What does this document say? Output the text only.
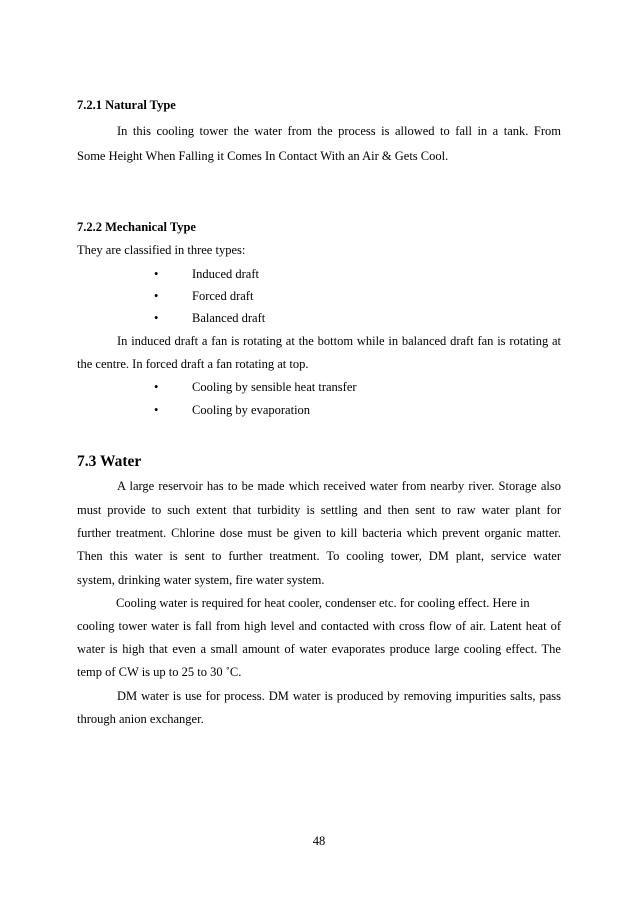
7.2.1 Natural Type
In this cooling tower the water from the process is allowed to fall in a tank. From
Some Height When Falling it Comes In Contact With an Air & Gets Cool.
7.2.2 Mechanical Type
They are classified in three types:
•	Induced draft
•	Forced draft
•	Balanced draft
In induced draft a fan is rotating at the bottom while in balanced draft fan is rotating at
the centre. In forced draft a fan rotating at top.
•	Cooling by sensible heat transfer
•	Cooling by evaporation
7.3 Water
A large reservoir has to be made which received water from nearby river. Storage also
must provide to such extent that turbidity is settling and then sent to raw water plant for
further treatment. Chlorine dose must be given to kill bacteria which prevent organic matter.
Then this water is sent to further treatment. To cooling tower, DM plant, service water
system, drinking water system, fire water system.
Cooling water is required for heat cooler, condenser etc. for cooling effect. Here in
cooling tower water is fall from high level and contacted with cross flow of air. Latent heat of
water is high that even a small amount of water evaporates produce large cooling effect. The
temp of CW is up to 25 to 30 ˚C.
DM water is use for process. DM water is produced by removing impurities salts, pass
through anion exchanger.
48
